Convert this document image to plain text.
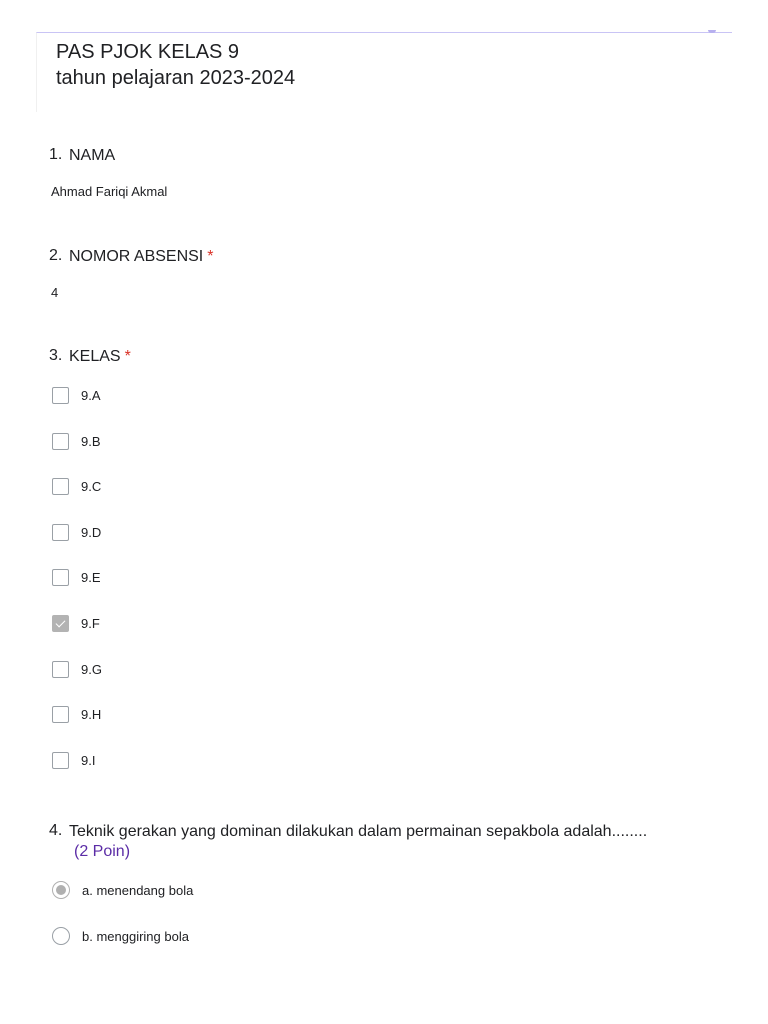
PAS PJOK KELAS 9
tahun pelajaran 2023-2024
1. NAMA
Ahmad Fariqi Akmal
2. NOMOR ABSENSI *
4
3. KELAS *
9.A
9.B
9.C
9.D
9.E
9.F
9.G
9.H
9.I
4. Teknik gerakan yang dominan dilakukan dalam permainan sepakbola adalah........
(2 Poin)
a. menendang bola
b. menggiring bola
